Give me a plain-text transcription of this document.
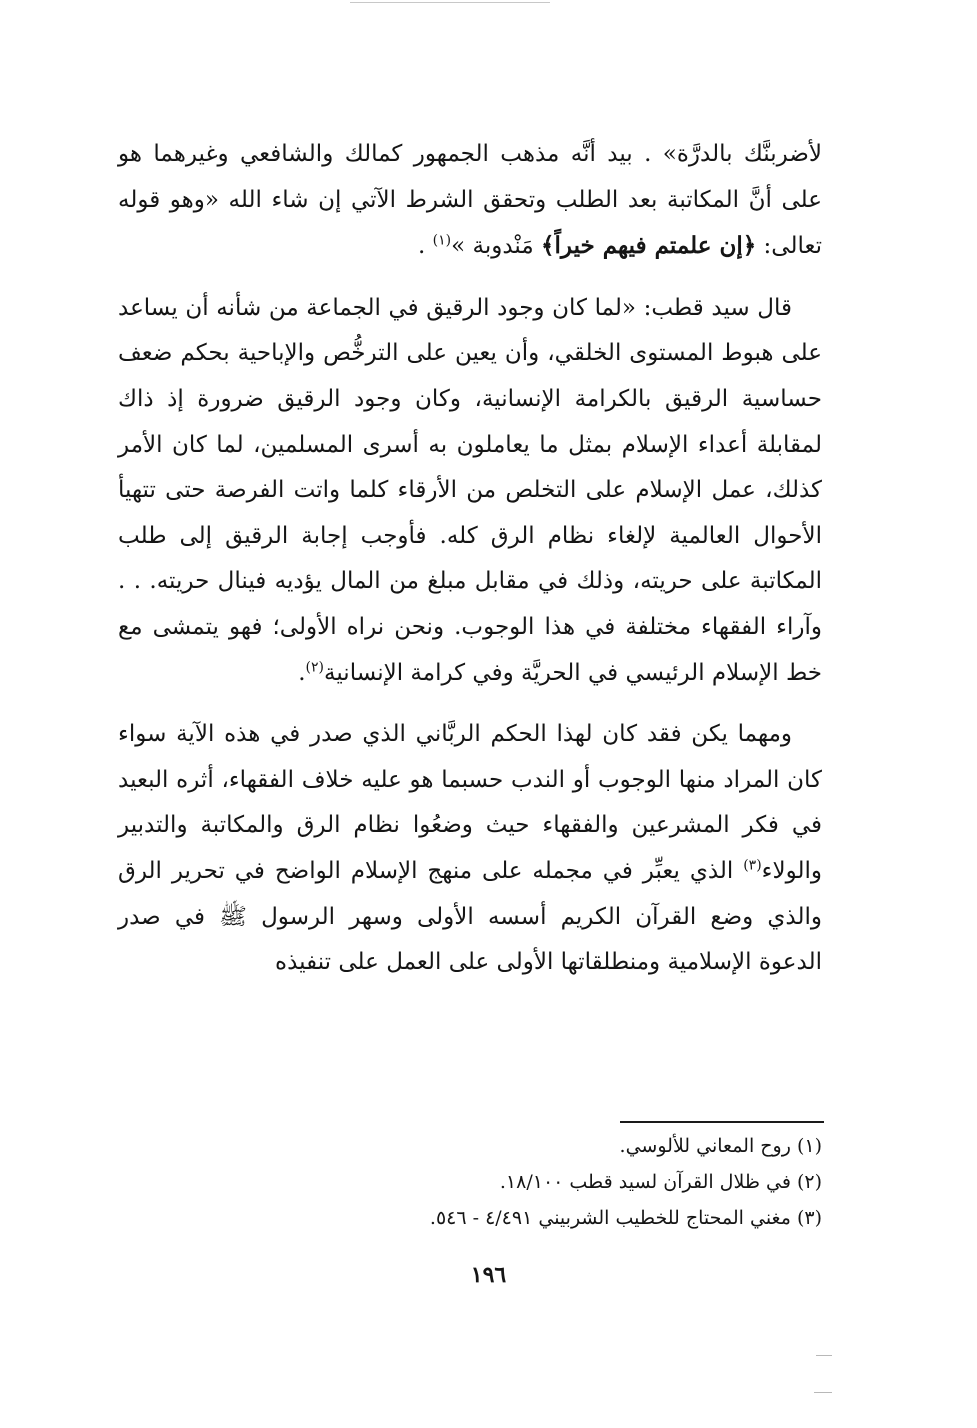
لأضربنَّك بالدرَّة» . بيد أنَّه مذهب الجمهور كمالك والشافعي وغيرهما هو على أنَّ المكاتبة بعد الطلب وتحقق الشرط الآتي إن شاء الله «وهو قوله تعالى: ﴿إن علمتم فيهم خيراً﴾ مَنْدوبة »$^{(١)}$ .

قال سيد قطب: «لما كان وجود الرقيق في الجماعة من شأنه أن يساعد على هبوط المستوى الخلقي، وأن يعين على الترخُّص والإباحية بحكم ضعف حساسية الرقيق بالكرامة الإنسانية، وكان وجود الرقيق ضرورة إذ ذاك لمقابلة أعداء الإسلام بمثل ما يعاملون به أسرى المسلمين، لما كان الأمر كذلك، عمل الإسلام على التخلص من الأرقاء كلما واتت الفرصة حتى تتهيأ الأحوال العالمية لإلغاء نظام الرق كله. فأوجب إجابة الرقيق إلى طلب المكاتبة على حريته، وذلك في مقابل مبلغ من المال يؤديه فينال حريته. . . وآراء الفقهاء مختلفة في هذا الوجوب. ونحن نراه الأولى؛ فهو يتمشى مع خط الإسلام الرئيسي في الحريَّة وفي كرامة الإنسانية$^{(٢)}$.

ومهما يكن فقد كان لهذا الحكم الربَّاني الذي صدر في هذه الآية سواء كان المراد منها الوجوب أو الندب حسبما هو عليه خلاف الفقهاء، أثره البعيد في فكر المشرعين والفقهاء حيث وضعُوا نظام الرق والمكاتبة والتدبير والولاء$^{(٣)}$ الذي يعبِّر في مجمله على منهج الإسلام الواضح في تحرير الرق والذي وضع القرآن الكريم أسسه الأولى وسهر الرسول ﷺ في صدر الدعوة الإسلامية ومنطلقاتها الأولى على العمل على تنفيذه

(١) روح المعاني للألوسي.

(٢) في ظلال القرآن لسيد قطب ١٨/١٠٠.

(٣) مغني المحتاج للخطيب الشربيني ٤/٤٩١ - ٥٤٦.

١٩٦
